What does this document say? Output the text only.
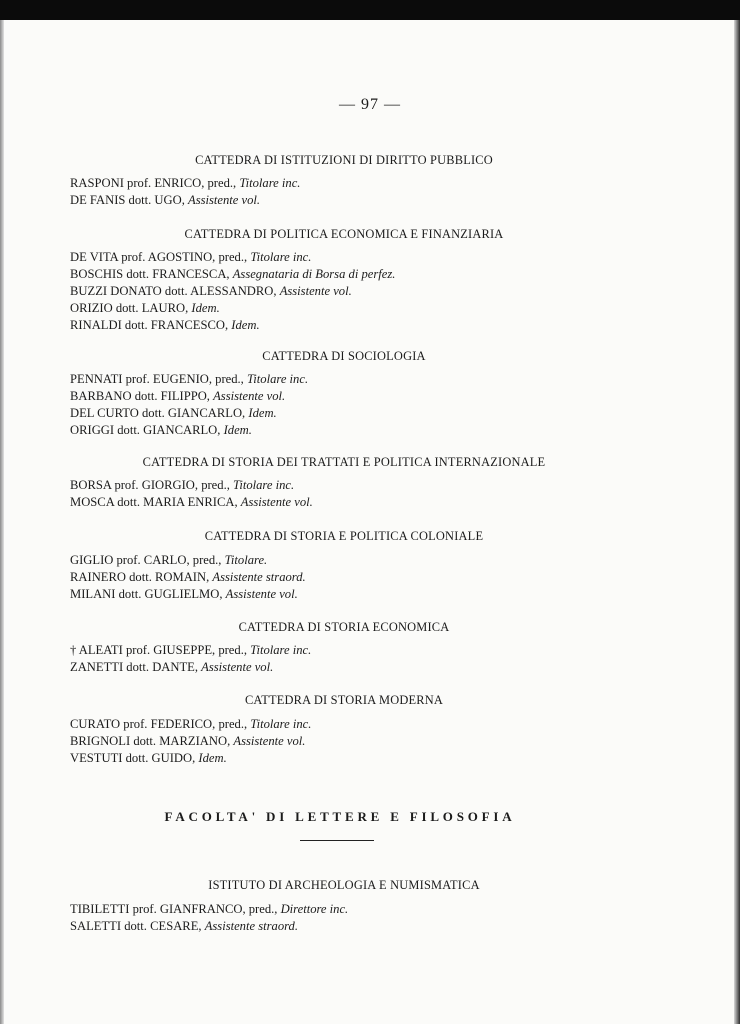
— 97 —
CATTEDRA DI ISTITUZIONI DI DIRITTO PUBBLICO
RASPONI prof. ENRICO, pred., Titolare inc.
DE FANIS dott. UGO, Assistente vol.
CATTEDRA DI POLITICA ECONOMICA E FINANZIARIA
DE VITA prof. AGOSTINO, pred., Titolare inc.
BOSCHIS dott. FRANCESCA, Assegnataria di Borsa di perfez.
BUZZI DONATO dott. ALESSANDRO, Assistente vol.
ORIZIO dott. LAURO, Idem.
RINALDI dott. FRANCESCO, Idem.
CATTEDRA DI SOCIOLOGIA
PENNATI prof. EUGENIO, pred., Titolare inc.
BARBANO dott. FILIPPO, Assistente vol.
DEL CURTO dott. GIANCARLO, Idem.
ORIGGI dott. GIANCARLO, Idem.
CATTEDRA DI STORIA DEI TRATTATI E POLITICA INTERNAZIONALE
BORSA prof. GIORGIO, pred., Titolare inc.
MOSCA dott. MARIA ENRICA, Assistente vol.
CATTEDRA DI STORIA E POLITICA COLONIALE
GIGLIO prof. CARLO, pred., Titolare.
RAINERO dott. ROMAIN, Assistente straord.
MILANI dott. GUGLIELMO, Assistente vol.
CATTEDRA DI STORIA ECONOMICA
† ALEATI prof. GIUSEPPE, pred., Titolare inc.
ZANETTI dott. DANTE, Assistente vol.
CATTEDRA DI STORIA MODERNA
CURATO prof. FEDERICO, pred., Titolare inc.
BRIGNOLI dott. MARZIANO, Assistente vol.
VESTUTI dott. GUIDO, Idem.
FACOLTA' DI LETTERE E FILOSOFIA
ISTITUTO DI ARCHEOLOGIA E NUMISMATICA
TIBILETTI prof. GIANFRANCO, pred., Direttore inc.
SALETTI dott. CESARE, Assistente straord.
